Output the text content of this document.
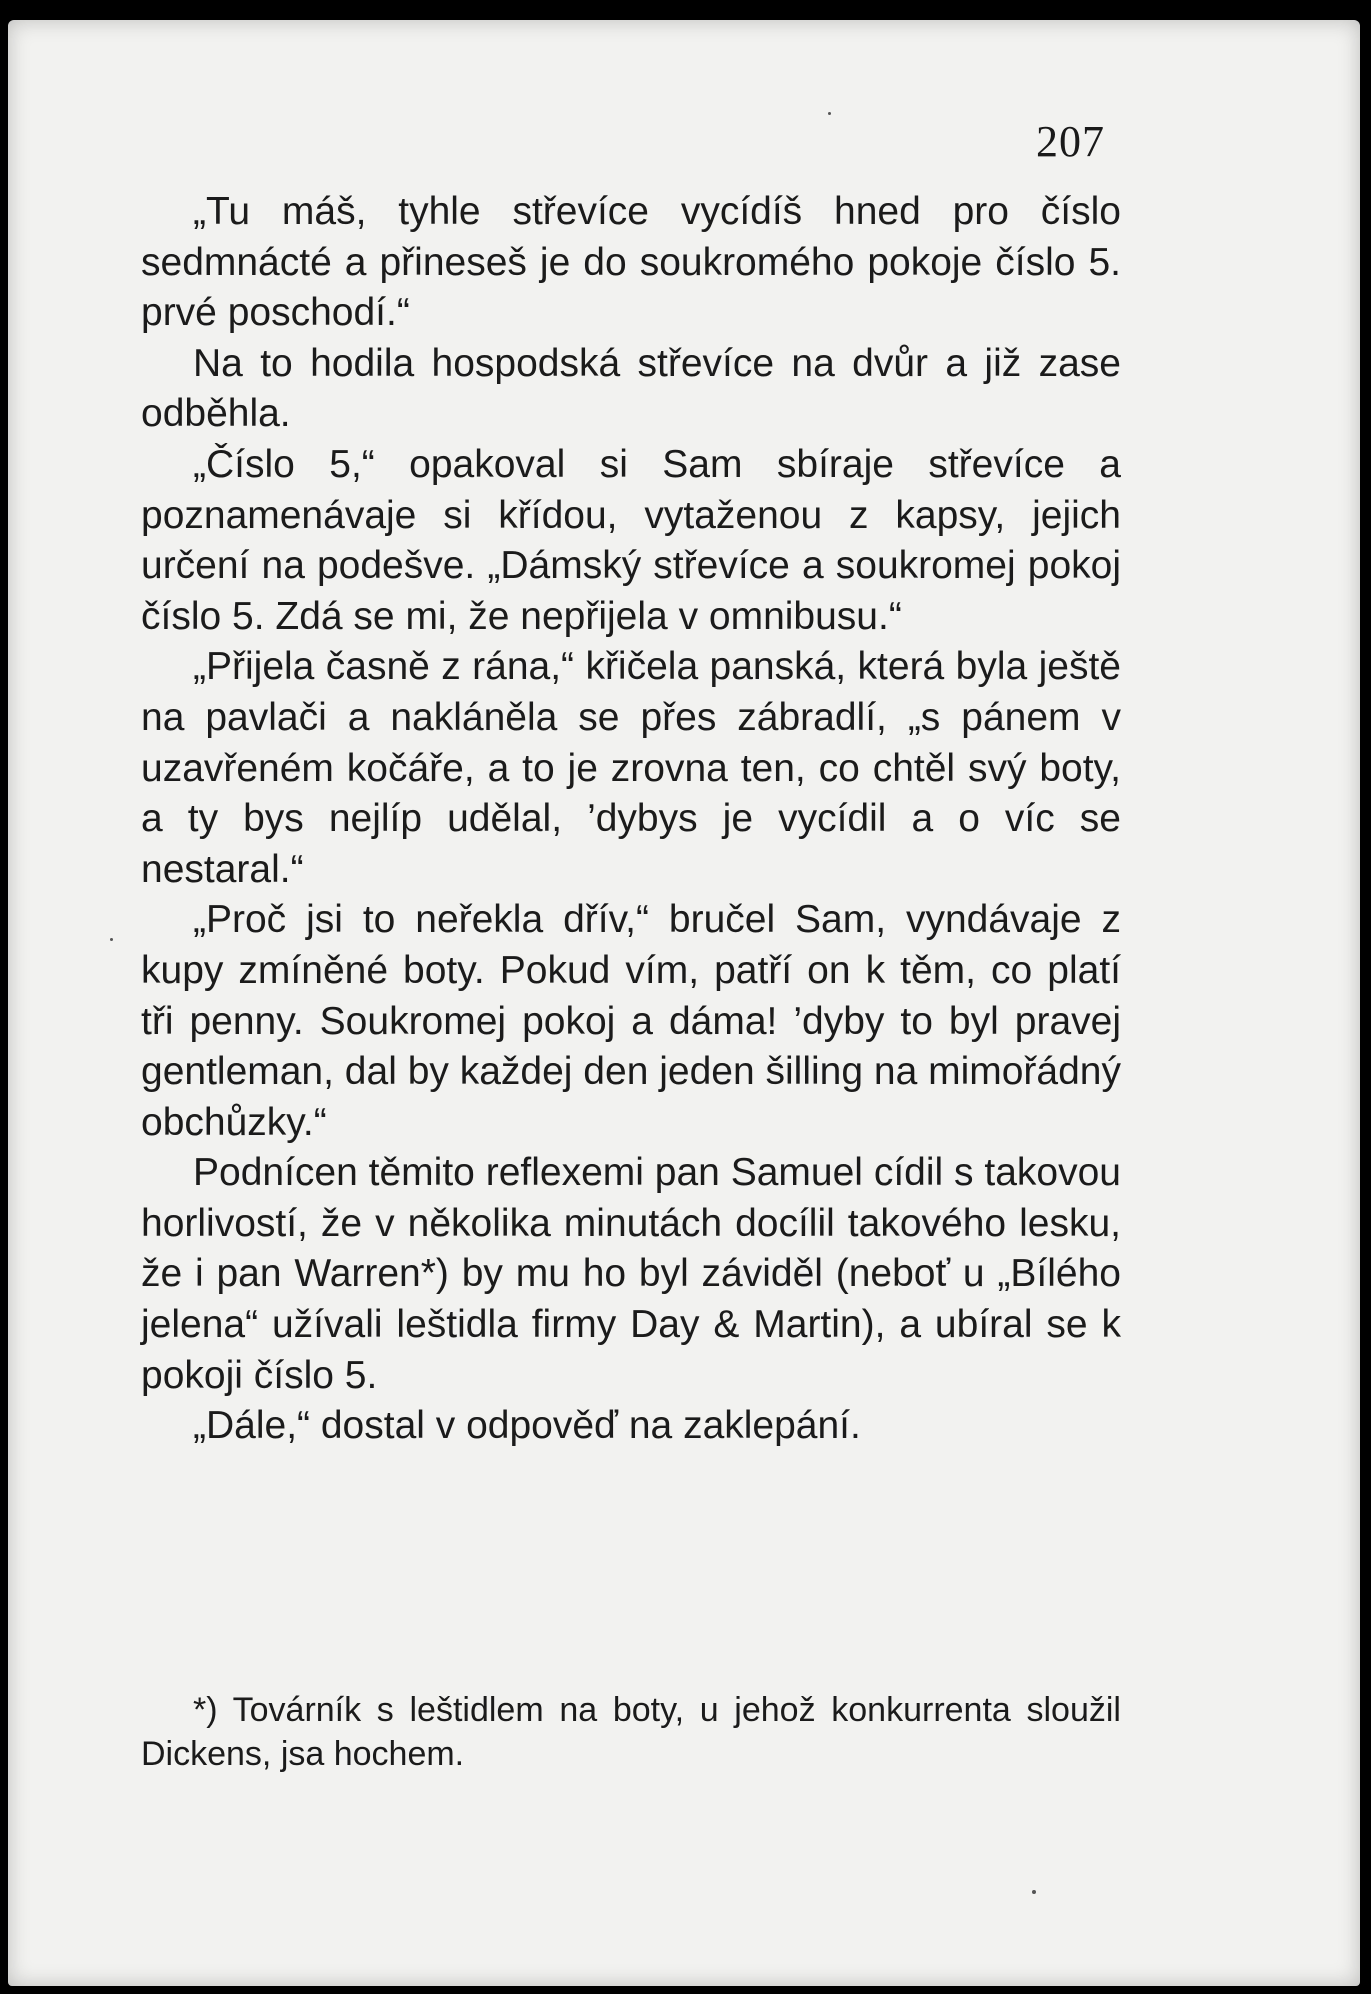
207

„Tu máš, tyhle střevíce vycídíš hned pro číslo sedmnácté a přineseš je do soukromého pokoje číslo 5. prvé poschodí.“

Na to hodila hospodská střevíce na dvůr a již zase odběhla.

„Číslo 5,“ opakoval si Sam sbíraje střevíce a poznamenávaje si křídou, vytaženou z kapsy, jejich určení na podešve. „Dámský střevíce a soukromej pokoj číslo 5. Zdá se mi, že nepřijela v omnibusu.“

„Přijela časně z rána,“ křičela panská, která byla ještě na pavlači a nakláněla se přes zábradlí, „s pánem v uzavřeném kočáře, a to je zrovna ten, co chtěl svý boty, a ty bys nejlíp udělal, ’dybys je vycídil a o víc se nestaral.“

„Proč jsi to neřekla dřív,“ bručel Sam, vyndávaje z kupy zmíněné boty. Pokud vím, patří on k těm, co platí tři penny. Soukromej pokoj a dáma! ’dyby to byl pravej gentleman, dal by každej den jeden šilling na mimořádný obchůzky.“

Podnícen těmito reflexemi pan Samuel cídil s takovou horlivostí, že v několika minutách docílil takového lesku, že i pan Warren*) by mu ho byl záviděl (neboť u „Bílého jelena“ užívali leštidla firmy Day & Martin), a ubíral se k pokoji číslo 5.

„Dále,“ dostal v odpověď na zaklepání.

*) Továrník s leštidlem na boty, u jehož konkurrenta sloužil Dickens, jsa hochem.
